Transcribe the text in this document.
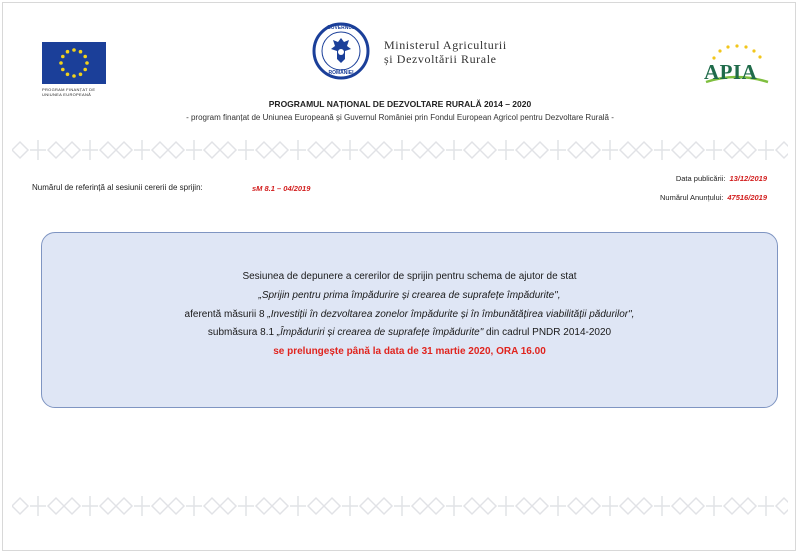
PROGRAM FINANȚAT DE
UNIUNEA EUROPEANĂ
GUVERNUL
ROMÂNIEI
Ministerul Agriculturii
și Dezvoltării Rurale
APIA
PROGRAMUL NAȚIONAL DE DEZVOLTARE RURALĂ 2014 – 2020
- program finanțat de Uniunea Europeană și Guvernul României prin Fondul European Agricol pentru Dezvoltare Rurală -
Numărul de referință al sesiunii cererii de sprijin:	sM 8.1 – 04/2019
Data publicării: 13/12/2019
Numărul Anunțului: 47516/2019
Sesiunea de depunere a cererilor de sprijin pentru schema de ajutor de stat
„Sprijin pentru prima împădurire și crearea de suprafețe împădurite",
aferentă măsurii 8 „Investiții în dezvoltarea zonelor împădurite și în îmbunătățirea viabilității pădurilor",
submăsura 8.1 „Împăduriri și crearea de suprafețe împădurite" din cadrul PNDR 2014-2020
se prelungește până la data de 31 martie 2020, ORA 16.00
